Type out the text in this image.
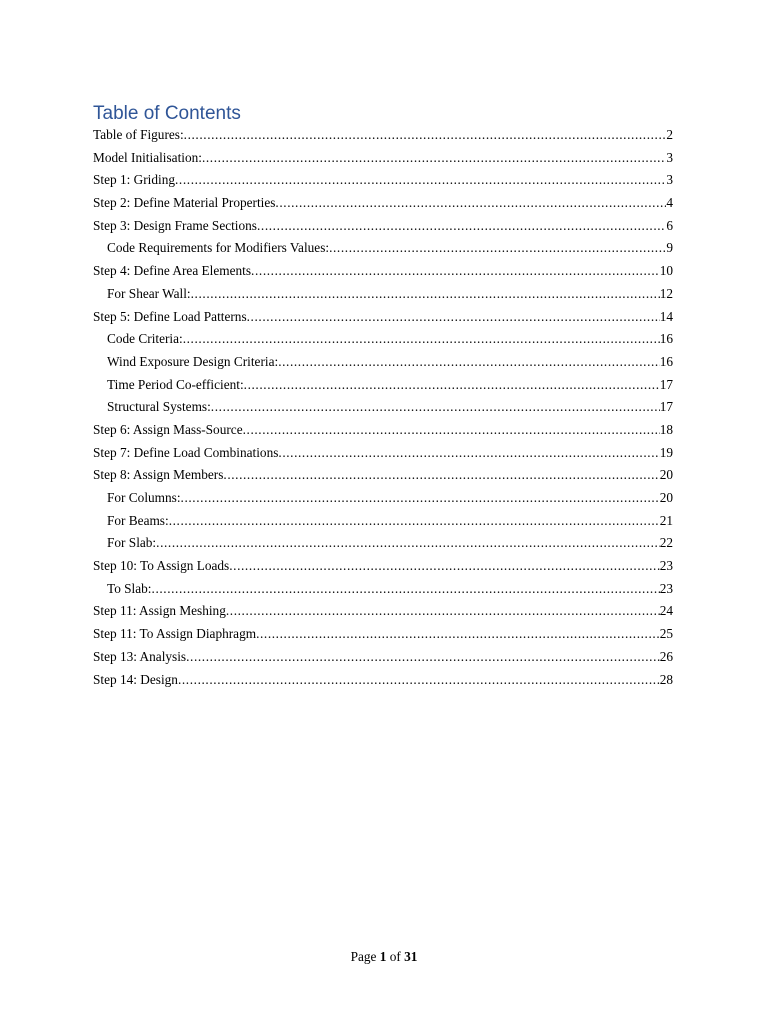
Table of Contents
Table of Figures: .....	2
Model Initialisation: .....	3
Step 1: Griding .....	3
Step 2: Define Material Properties .....	4
Step 3: Design Frame Sections .....	6
Code Requirements for Modifiers Values: .....	9
Step 4: Define Area Elements .....	10
For Shear Wall: .....	12
Step 5: Define Load Patterns .....	14
Code Criteria: .....	16
Wind Exposure Design Criteria: .....	16
Time Period Co-efficient: .....	17
Structural Systems: .....	17
Step 6: Assign Mass-Source .....	18
Step 7: Define Load Combinations .....	19
Step 8: Assign Members .....	20
For Columns: .....	20
For Beams: .....	21
For Slab: .....	22
Step 10: To Assign Loads .....	23
To Slab: .....	23
Step 11: Assign Meshing .....	24
Step 11: To Assign Diaphragm .....	25
Step 13: Analysis .....	26
Step 14: Design .....	28
Page 1 of 31
